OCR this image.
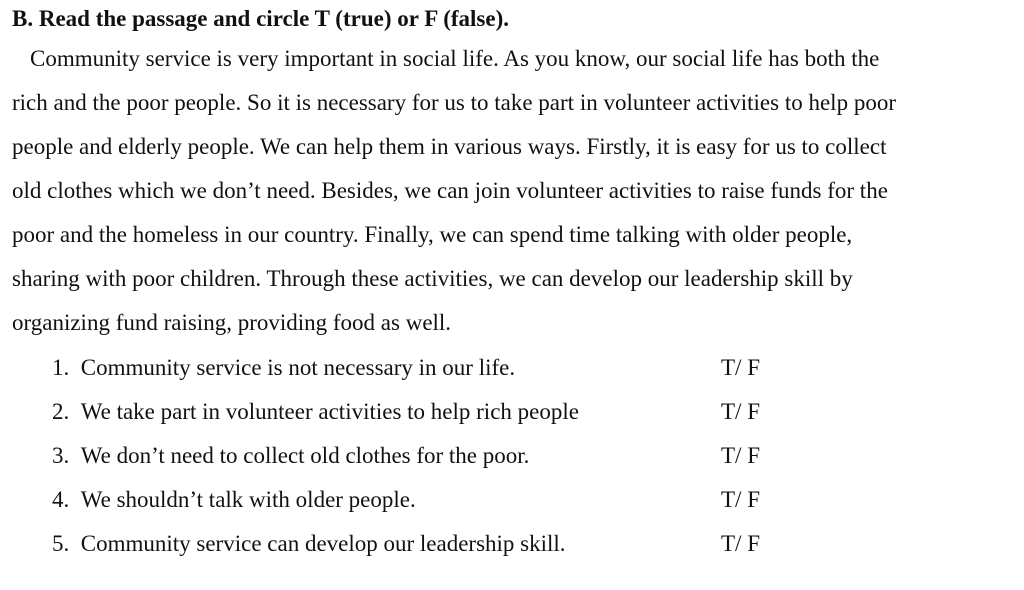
B. Read the passage and circle T (true) or F (false).
Community service is very important in social life. As you know, our social life has both the
rich and the poor people. So it is necessary for us to take part in volunteer activities to help poor
people and elderly people. We can help them in various ways. Firstly, it is easy for us to collect
old clothes which we don’t need. Besides, we can join volunteer activities to raise funds for the
poor and the homeless in our country. Finally, we can spend time talking with older people,
sharing with poor children. Through these activities, we can develop our leadership skill by
organizing fund raising, providing food as well.
1.  Community service is not necessary in our life.	T/ F
2.  We take part in volunteer activities to help rich people	T/ F
3.  We don’t need to collect old clothes for the poor.	T/ F
4.  We shouldn’t talk with older people.	T/ F
5.  Community service can develop our leadership skill.	T/ F
